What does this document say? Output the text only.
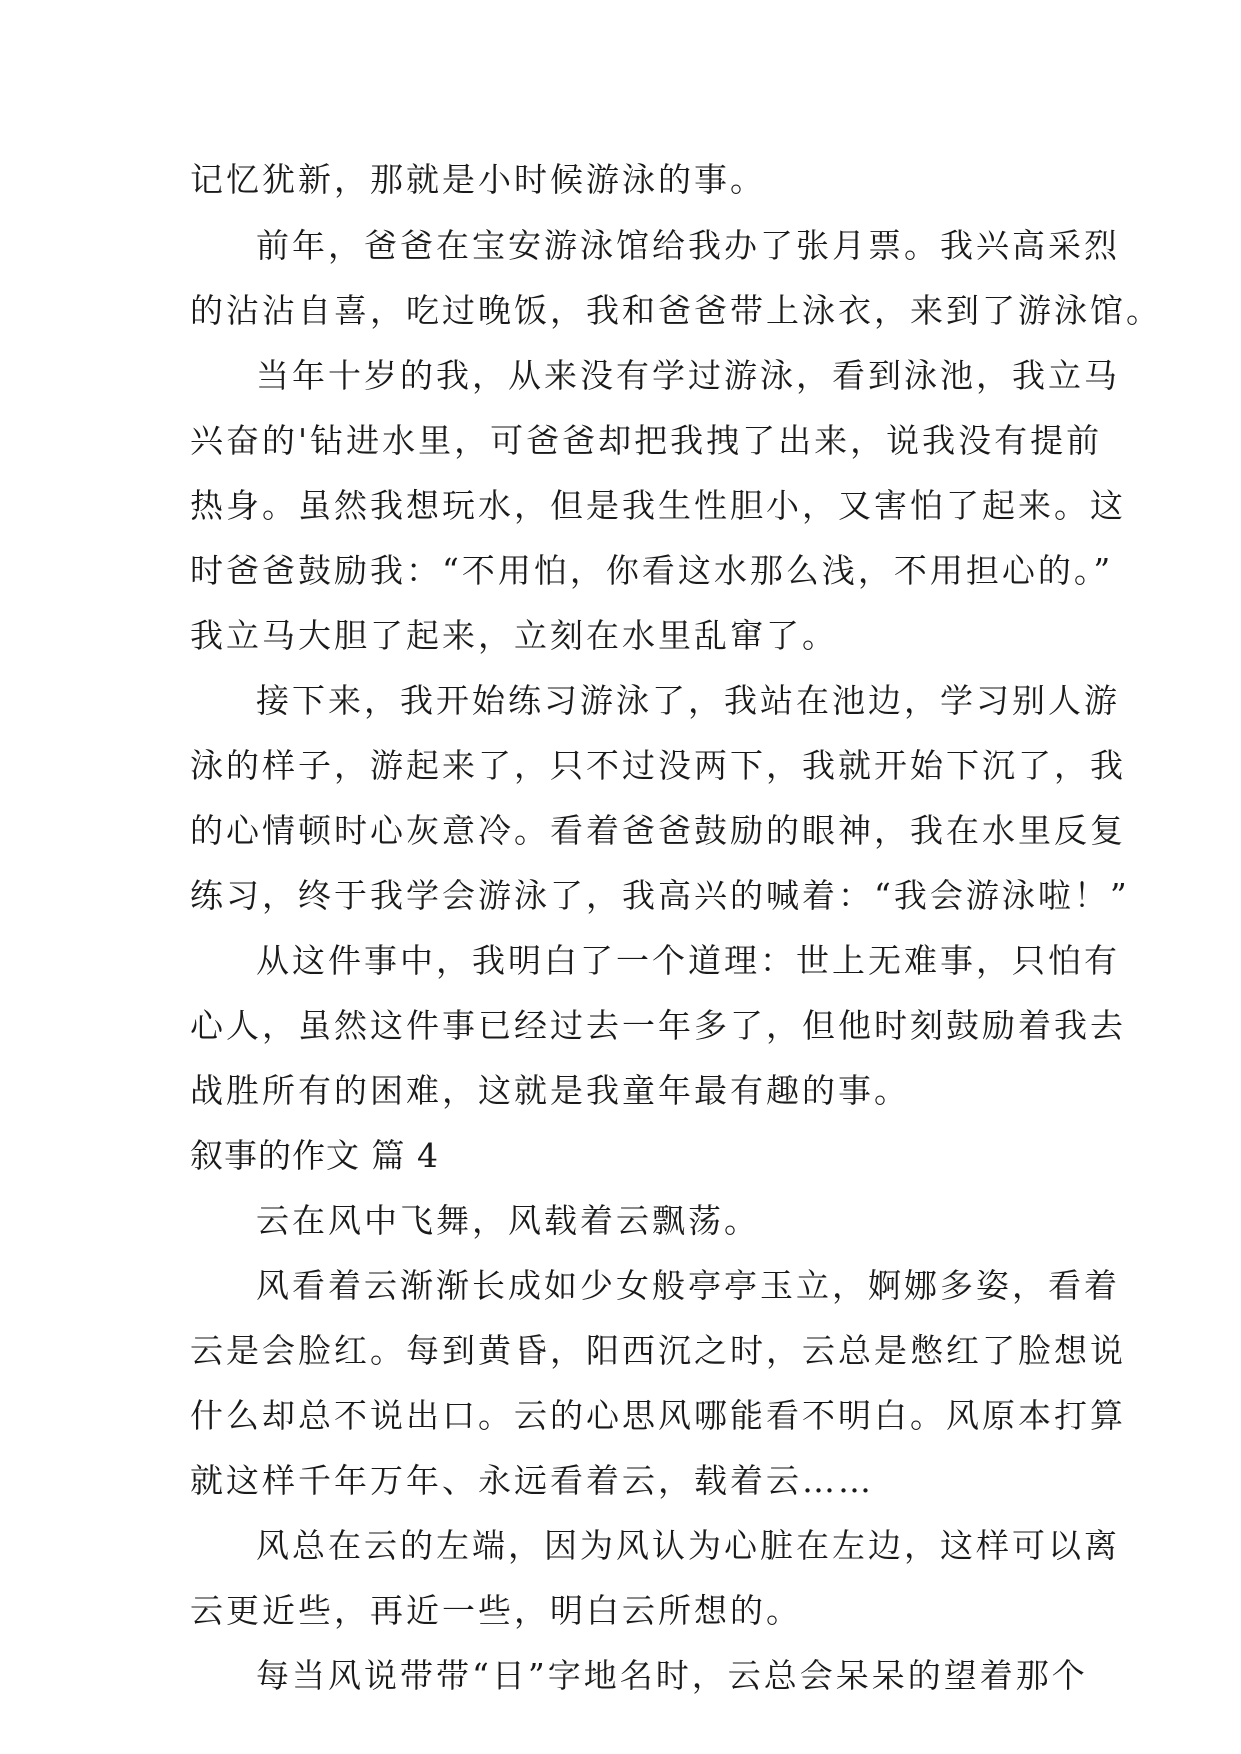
记忆犹新，那就是小时候游泳的事。
前年，爸爸在宝安游泳馆给我办了张月票。我兴高采烈
的沾沾自喜，吃过晚饭，我和爸爸带上泳衣，来到了游泳馆。
当年十岁的我，从来没有学过游泳，看到泳池，我立马
兴奋的'钻进水里，可爸爸却把我拽了出来，说我没有提前
热身。虽然我想玩水，但是我生性胆小，又害怕了起来。这
时爸爸鼓励我：“不用怕，你看这水那么浅，不用担心的。”
我立马大胆了起来，立刻在水里乱窜了。
接下来，我开始练习游泳了，我站在池边，学习别人游
泳的样子，游起来了，只不过没两下，我就开始下沉了，我
的心情顿时心灰意冷。看着爸爸鼓励的眼神，我在水里反复
练习，终于我学会游泳了，我高兴的喊着：“我会游泳啦！”
从这件事中，我明白了一个道理：世上无难事，只怕有
心人，虽然这件事已经过去一年多了，但他时刻鼓励着我去
战胜所有的困难，这就是我童年最有趣的事。
叙事的作文 篇 4
云在风中飞舞，风载着云飘荡。
风看着云渐渐长成如少女般亭亭玉立，婀娜多姿，看着
云是会脸红。每到黄昏，阳西沉之时，云总是憋红了脸想说
什么却总不说出口。云的心思风哪能看不明白。风原本打算
就这样千年万年、永远看着云，载着云……
风总在云的左端，因为风认为心脏在左边，这样可以离
云更近些，再近一些，明白云所想的。
每当风说带带“日”字地名时，云总会呆呆的望着那个
